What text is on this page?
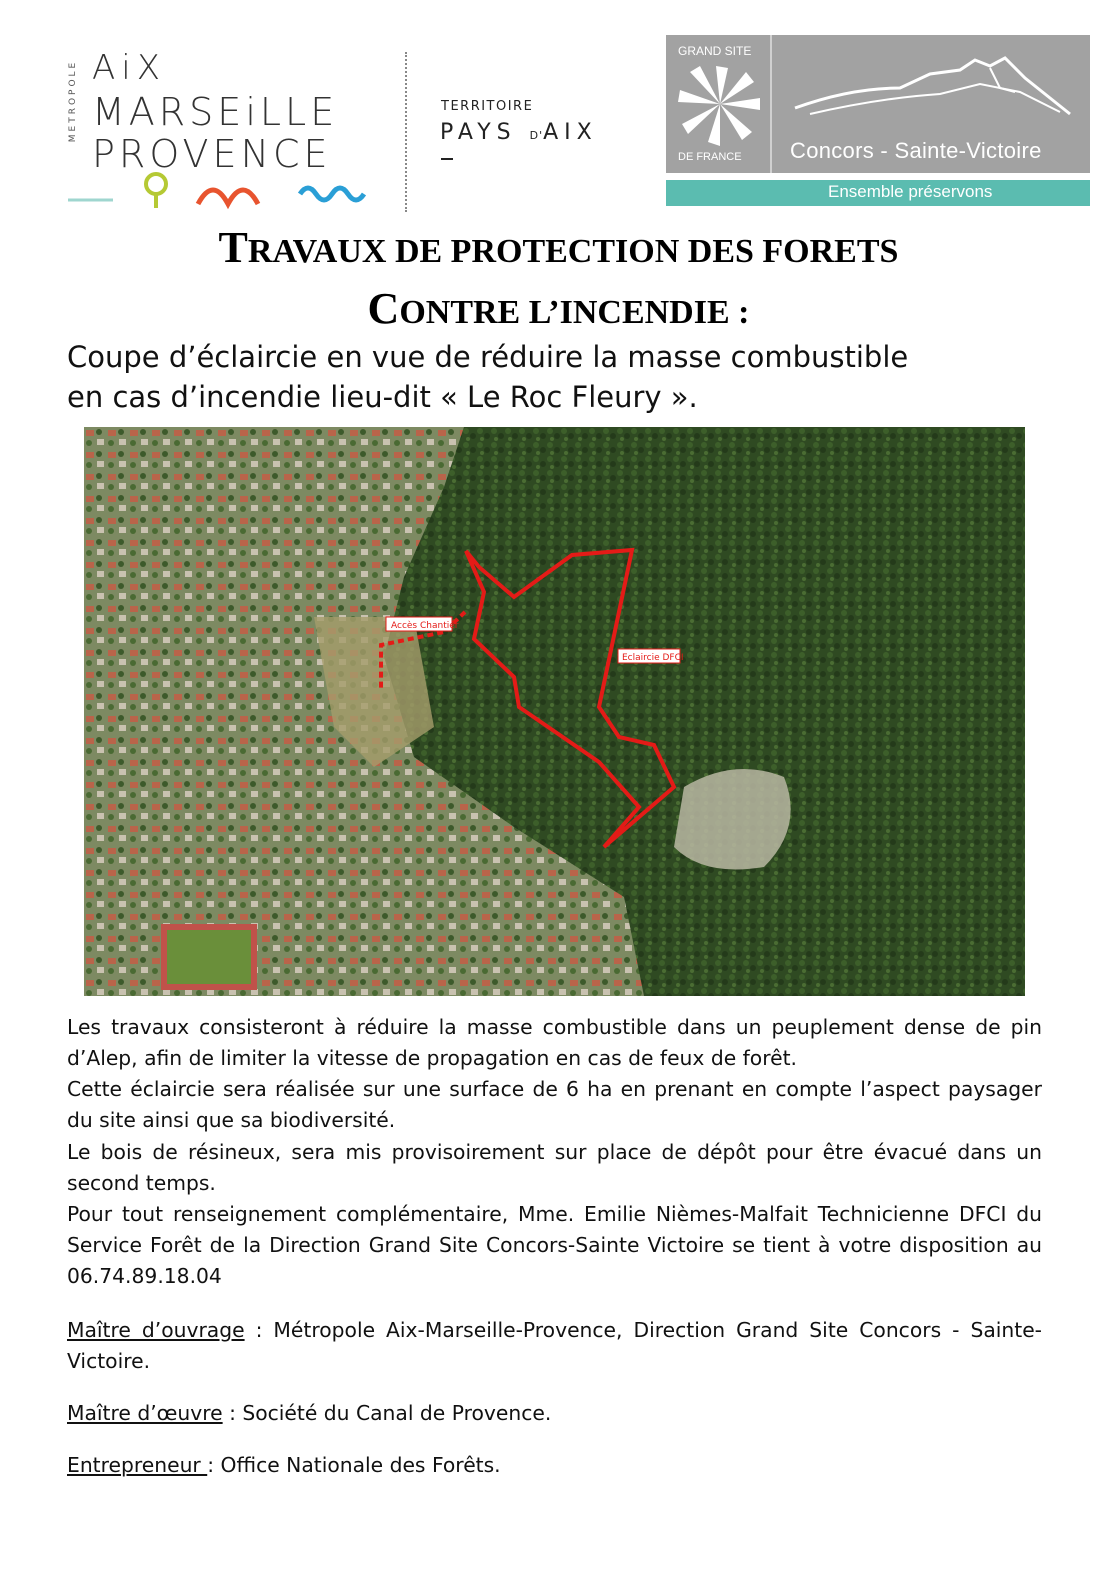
METROPOLE AiX
MARSEiLLE
PROVENCE
TERRITOIRE
PAYS D'AIX
GRAND SITE
DE FRANCE Concors - Sainte-Victoire
Ensemble préservons
TRAVAUX DE PROTECTION DES FORETS
CONTRE L’INCENDIE :
Coupe d’éclaircie en vue de réduire la masse combustible
en cas d’incendie lieu-dit « Le Roc Fleury ».
Accès Chantier
Eclaircie DFCI
Les travaux consisteront à réduire la masse combustible dans un peuplement dense de pin d’Alep, afin de limiter la vitesse de propagation en cas de feux de forêt.
Cette éclaircie sera réalisée sur une surface de 6 ha en prenant en compte l’aspect paysager du site ainsi que sa biodiversité.
Le bois de résineux, sera mis provisoirement sur place de dépôt pour être évacué dans un second temps.
Pour tout renseignement complémentaire, Mme. Emilie Nièmes-Malfait Technicienne DFCI du Service Forêt de la Direction Grand Site Concors-Sainte Victoire se tient à votre disposition au 06.74.89.18.04
Maître d’ouvrage : Métropole Aix-Marseille-Provence, Direction Grand Site Concors - Sainte-Victoire.
Maître d’œuvre : Société du Canal de Provence.
Entrepreneur : Office Nationale des Forêts.
